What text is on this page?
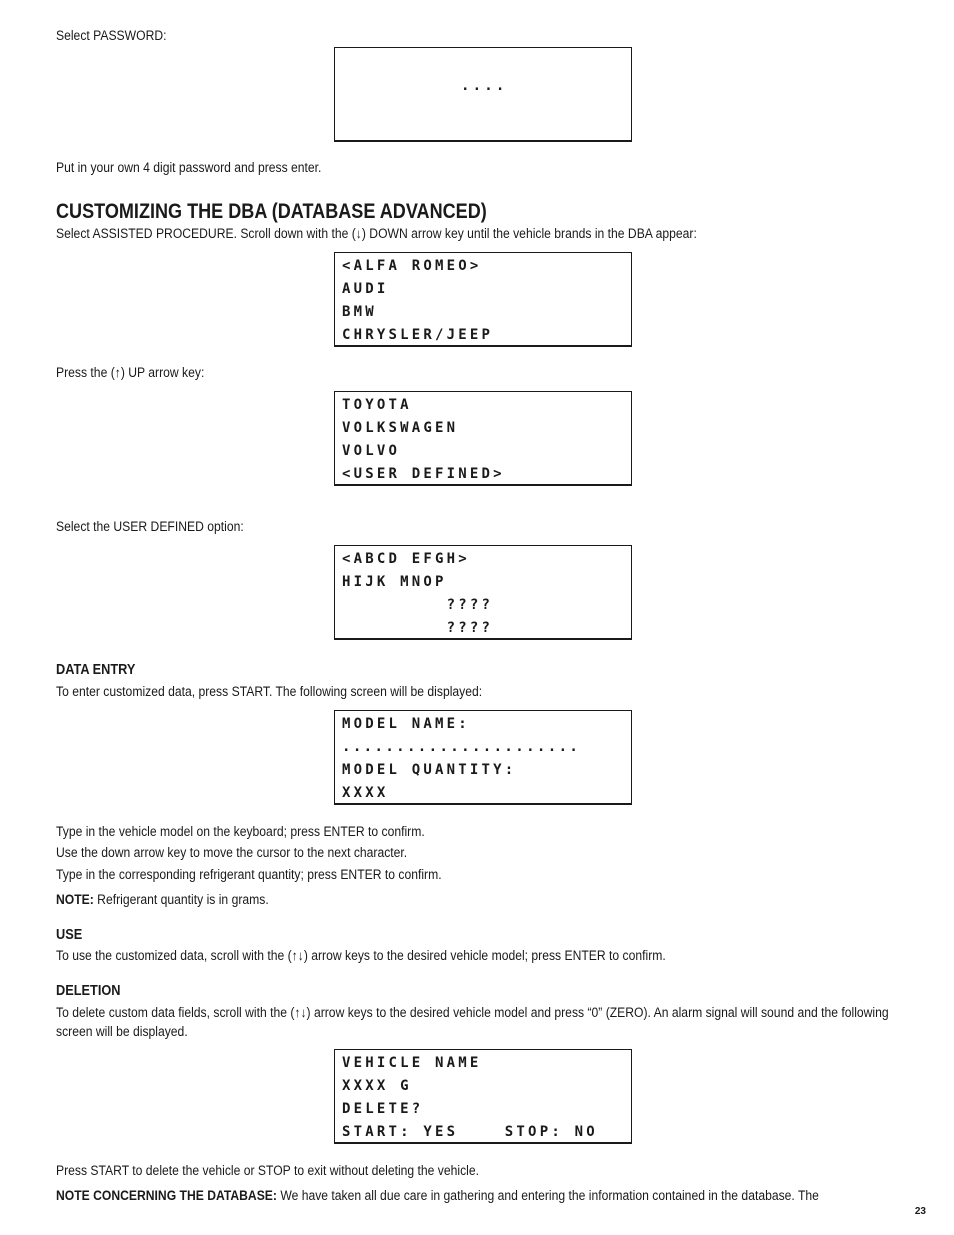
Select PASSWORD:
....
Put in your own 4 digit password and press enter.
CUSTOMIZING THE DBA (DATABASE ADVANCED)
Select ASSISTED PROCEDURE. Scroll down with the (↓) DOWN arrow key until the vehicle brands in the DBA appear:
<ALFA ROMEO>
AUDI
BMW
CHRYSLER/JEEP
Press the (↑) UP arrow key:
TOYOTA
VOLKSWAGEN
VOLVO
<USER DEFINED>
Select the USER DEFINED option:
<ABCD EFGH>
HIJK MNOP
????
????
DATA ENTRY
To enter customized data, press START. The following screen will be displayed:
MODEL NAME:
......................
MODEL QUANTITY:
XXXX
Type in the vehicle model on the keyboard; press ENTER to confirm.
Use the down arrow key to move the cursor to the next character.
Type in the corresponding refrigerant quantity; press ENTER to confirm.
NOTE: Refrigerant quantity is in grams.
USE
To use the customized data, scroll with the (↑↓) arrow keys to the desired vehicle model; press ENTER to confirm.
DELETION
To delete custom data fields, scroll with the (↑↓) arrow keys to the desired vehicle model and press “0” (ZERO). An alarm signal will sound and the following screen will be displayed.
VEHICLE NAME
XXXX G
DELETE?
START: YES    STOP: NO
Press START to delete the vehicle or STOP to exit without deleting the vehicle.
NOTE CONCERNING THE DATABASE: We have taken all due care in gathering and entering the information contained in the database. The
23
